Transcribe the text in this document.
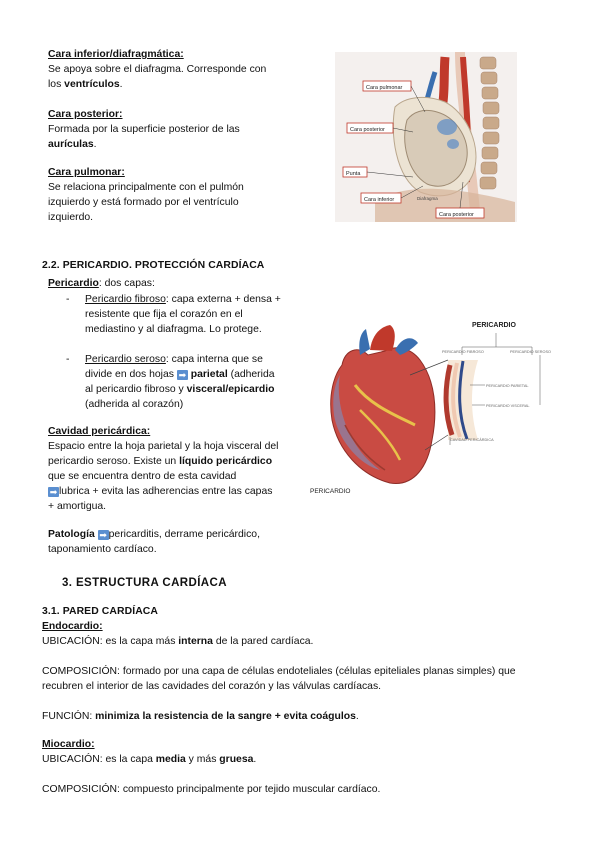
Cara inferior/diafragmática:
Se apoya sobre el diafragma. Corresponde con
los ventrículos.
Cara posterior:
Formada por la superficie posterior de las
aurículas.
Cara pulmonar:
Se relaciona principalmente con el pulmón
izquierdo y está formado por el ventrículo
izquierdo.
Cara pulmonar
Cara posterior
Punta
Cara inferior
Cara posterior
Diafragma
2.2. PERICARDIO. PROTECCIÓN CARDÍACA
Pericardio: dos capas:
- Pericardio fibroso: capa externa + densa +
resistente que fija el corazón en el
mediastino y al diafragma. Lo protege.
- Pericardio seroso: capa interna que se
divide en dos hojas ➡ parietal (adherida
al pericardio fibroso y visceral/epicardio
(adherida al corazón)
Cavidad pericárdica:
Espacio entre la hoja parietal y la hoja visceral del
pericardio seroso. Existe un líquido pericárdico
que se encuentra dentro de esta cavidad
➡ lubrica + evita las adherencias entre las capas
+ amortigua.
Patología ➡ pericarditis, derrame pericárdico,
taponamiento cardíaco.
PERICARDIO
PERICARDIO FIBROSO	PERICARDIO SEROSO
PERICARDIO PARIETAL
PERICARDIO VISCERAL
CAVIDAD PERICÁRDICA
PERICARDIO
3. ESTRUCTURA CARDÍACA
3.1. PARED CARDÍACA
Endocardio:
UBICACIÓN: es la capa más interna de la pared cardíaca.
COMPOSICIÓN: formado por una capa de células endoteliales (células epiteliales planas simples) que
recubren el interior de las cavidades del corazón y las válvulas cardíacas.
FUNCIÓN: minimiza la resistencia de la sangre + evita coágulos.
Miocardio:
UBICACIÓN: es la capa media y más gruesa.
COMPOSICIÓN: compuesto principalmente por tejido muscular cardíaco.
